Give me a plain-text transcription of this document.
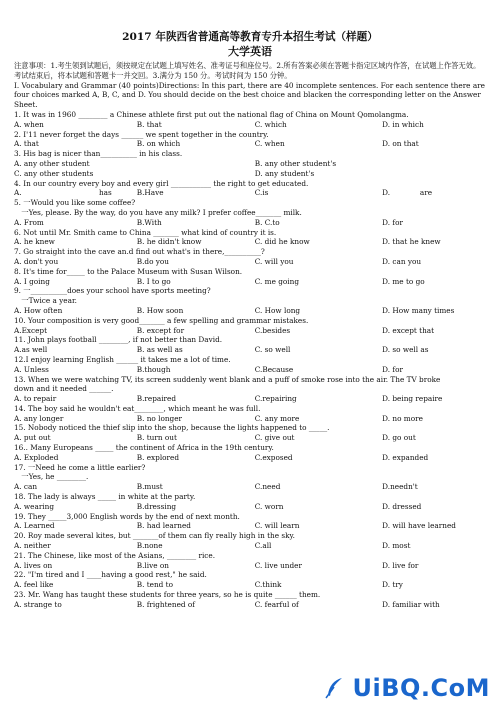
2017 年陕西省普通高等教育专升本招生考试（样题）
大学英语
注意事项：1.考生领到试题后，须按规定在试题上填写姓名、准考证号和座位号。2.所有答案必须在答题卡指定区域内作答，在试题上作答无效。考试结束后，将本试题和答题卡一并交回。3.满分为 150 分。考试时间为 150 分钟。
I. Vocabulary and Grammar (40 points)Directions: In this part, there are 40 incomplete sentences. For each sentence there are four choices marked A, B, C, and D. You should decide on the best choice and blacken the corresponding letter on the Answer Sheet.
1. It was in 1960 ________ a Chinese athlete first put out the national flag of China on Mount Qomolangma.
A. when	B. that	C. which	D. in which
2. I'11 never forget the days ______ we spent together in the country.
A. that	B. on which	C. when	D. on that
3. His bag is nicer than__________ in his class.
A. any other student	B. any other student's
C. any other students	D. any student's
4. In our country every boy and every girl ___________ the right to get educated.
A.	has	B.Have	C.is	D.	are
5. 一Would you like some coffee?
　一Yes, please. By the way, do you have any milk? I prefer coffee_______ milk.
A. From	B.With	B. C.to	D. for
6. Not until Mr. Smith came to China _______ what kind of country it is.
A. he knew	B. he didn't know	C. did he know	D. that he knew
7. Go straight into the cave an.d find out what's in there,__________?
A. don't you	B.do you	C. will you	D. can you
8. It's time for_____ to the Palace Museum with Susan Wilson.
A. I going	B. I to go	C. me going	D. me to go
9. 一__________does your school have sports meeting?
　一Twice a year.
A. How often	B. How soon	C. How long	D. How many times
10. Your composition is very good_______ a few spelling and grammar mistakes.
A.Except	B. except for	C.besides	D. except that
11. John plays football ________, if not better than David.
A.as well	B. as well as	C. so well	D. so well as
12.I enjoy learning English ______ it takes me a lot of time.
A. Unless	B.though	C.Because	D. for
13. When we were watching TV, its screen suddenly went blank and a puff of smoke rose into the air. The TV broke
down and it needed ______.
A. to repair	B.repaired	C.repairing	D. being repaire
14. The boy said he wouldn't eat________, which meant he was full.
A. any longer	B. no longer	C. any more	D. no more
15. Nobody noticed the thief slip into the shop, because the lights happened to _____.
A. put out	B. turn out	C. give out	D. go out
16.. Many Europeans _____ the continent of Africa in the 19th century.
A. Exploded	B. explored	C.exposed	D. expanded
17. 一Need he come a little earlier?
　一Yes, he ________.
A. can	B.must	C.need	D.needn't
18. The lady is always _____ in white at the party.
A. wearing	B.dressing	C. worn	D. dressed
19. They _____3,000 English words by the end of next month.
A. Learned	B. had learned	C. will learn	D. will have learned
20. Roy made several kites, but _______of them can fly really high in the sky.
A. neither	B.none	C.all	D. most
21. The Chinese, like most of the Asians, ________ rice.
A. lives on	B.live on	C. live under	D. live for
22. "I'm tired and I ____having a good rest," he said.
A. feel like	B. tend to	C.think	D. try
23. Mr. Wang has taught these students for three years, so he is quite ______ them.
A. strange to	B. frightened of	C. fearful of	D. familiar with
UiBQ.CoM
